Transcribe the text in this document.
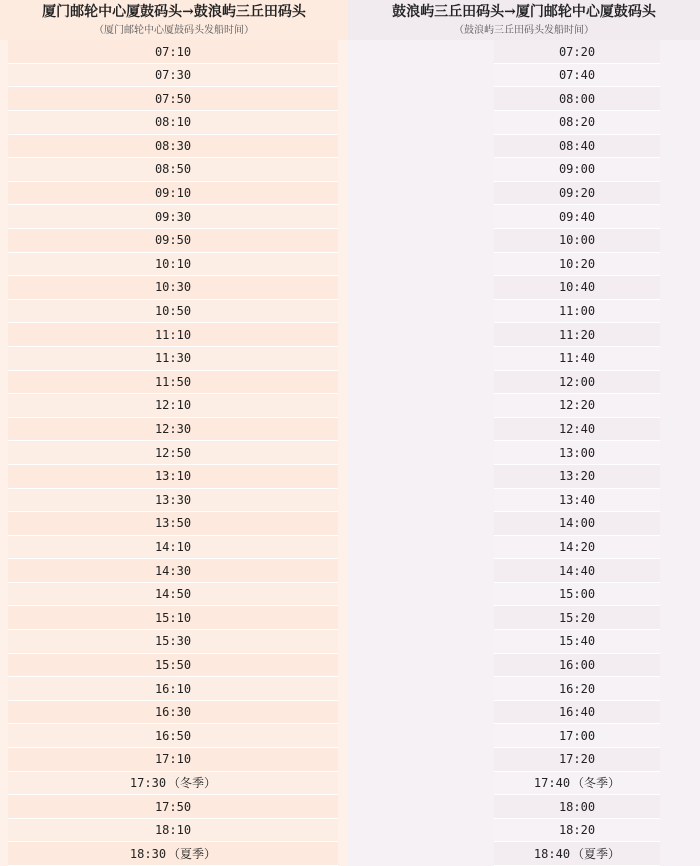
厦门邮轮中心厦鼓码头→鼓浪屿三丘田码头
（厦门邮轮中心厦鼓码头发船时间）
07:10
07:30
07:50
08:10
08:30
08:50
09:10
09:30
09:50
10:10
10:30
10:50
11:10
11:30
11:50
12:10
12:30
12:50
13:10
13:30
13:50
14:10
14:30
14:50
15:10
15:30
15:50
16:10
16:30
16:50
17:10
17:30 （冬季）
17:50
18:10
18:30 （夏季）
鼓浪屿三丘田码头→厦门邮轮中心厦鼓码头
（鼓浪屿三丘田码头发船时间）
07:20
07:40
08:00
08:20
08:40
09:00
09:20
09:40
10:00
10:20
10:40
11:00
11:20
11:40
12:00
12:20
12:40
13:00
13:20
13:40
14:00
14:20
14:40
15:00
15:20
15:40
16:00
16:20
16:40
17:00
17:20
17:40 （冬季）
18:00
18:20
18:40 （夏季）
